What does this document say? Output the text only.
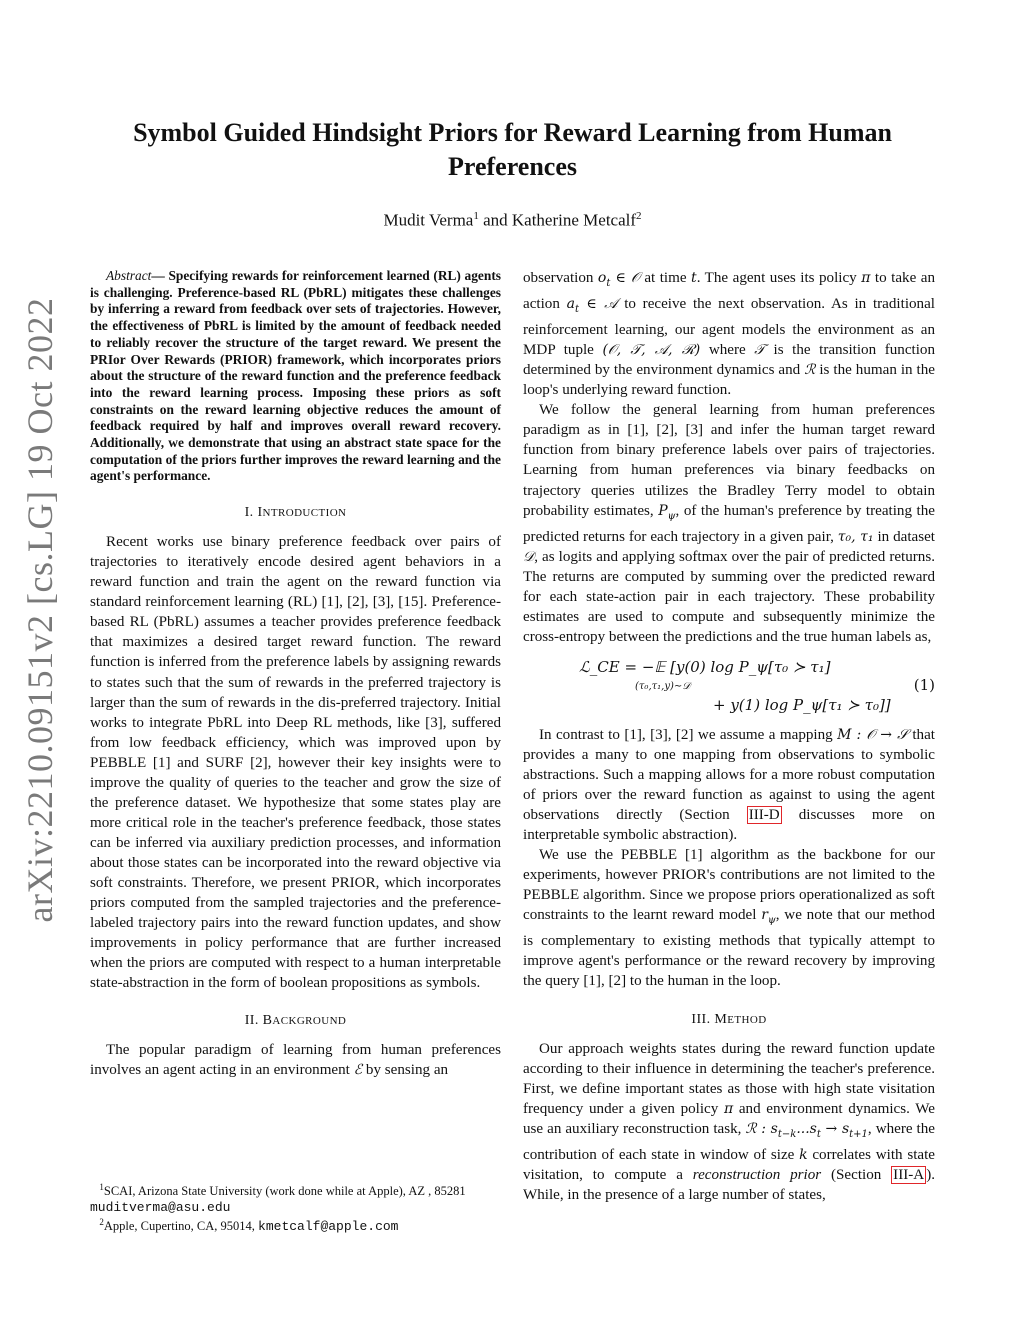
arXiv:2210.09151v2 [cs.LG] 19 Oct 2022
Symbol Guided Hindsight Priors for Reward Learning from Human Preferences
Mudit Verma$^1$ and Katherine Metcalf$^2$

Abstract— Specifying rewards for reinforcement learned (RL) agents is challenging. Preference-based RL (PbRL) mitigates these challenges by inferring a reward from feedback over sets of trajectories. However, the effectiveness of PbRL is limited by the amount of feedback needed to reliably recover the structure of the target reward. We present the PRIor Over Rewards (PRIOR) framework, which incorporates priors about the structure of the reward function and the preference feedback into the reward learning process. Imposing these priors as soft constraints on the reward learning objective reduces the amount of feedback required by half and improves overall reward recovery. Additionally, we demonstrate that using an abstract state space for the computation of the priors further improves the reward learning and the agent's performance.

I. INTRODUCTION

Recent works use binary preference feedback over pairs of trajectories to iteratively encode desired agent behaviors in a reward function and train the agent on the reward function via standard reinforcement learning (RL) [1], [2], [3], [15]. Preference-based RL (PbRL) assumes a teacher provides preference feedback that maximizes a desired target reward function. The reward function is inferred from the preference labels by assigning rewards to states such that the sum of rewards in the preferred trajectory is larger than the sum of rewards in the dis-preferred trajectory. Initial works to integrate PbRL into Deep RL methods, like [3], suffered from low feedback efficiency, which was improved upon by PEBBLE [1] and SURF [2], however their key insights were to improve the quality of queries to the teacher and grow the size of the preference dataset. We hypothesize that some states play are more critical role in the teacher's preference feedback, those states can be inferred via auxiliary prediction processes, and information about those states can be incorporated into the reward objective via soft constraints. Therefore, we present PRIOR, which incorporates priors computed from the sampled trajectories and the preference-labeled trajectory pairs into the reward function updates, and show improvements in policy performance that are further increased when the priors are computed with respect to a human interpretable state-abstraction in the form of boolean propositions as symbols.

II. BACKGROUND

The popular paradigm of learning from human preferences involves an agent acting in an environment ℰ by sensing an

$^1$SCAI, Arizona State University (work done while at Apple), AZ , 85281
muditverma@asu.edu
$^2$Apple, Cupertino, CA, 95014, kmetcalf@apple.com

observation $o_t$ ∈ 𝒪 at time t. The agent uses its policy π to take an action $a_t$ ∈ 𝒜 to receive the next observation. As in traditional reinforcement learning, our agent models the environment as an MDP tuple (𝒪, 𝒯, 𝒜, ℛ) where 𝒯 is the transition function determined by the environment dynamics and ℛ is the human in the loop's underlying reward function.

We follow the general learning from human preferences paradigm as in [1], [2], [3] and infer the human target reward function from binary preference labels over pairs of trajectories. Learning from human preferences via binary feedbacks on trajectory queries utilizes the Bradley Terry model to obtain probability estimates, $P_\psi$, of the human's preference by treating the predicted returns for each trajectory in a given pair, τ₀, τ₁ in dataset 𝒟, as logits and applying softmax over the pair of predicted returns. The returns are computed by summing over the predicted reward for each state-action pair in each trajectory. These probability estimates are used to compute and subsequently minimize the cross-entropy between the predictions and the true human labels as,

ℒ_CE = −𝔼 [y(0) log P_ψ[τ₀ ≻ τ₁]
(τ₀,τ₁,y)∼𝒟
+ y(1) log P_ψ[τ₁ ≻ τ₀]]
(1)

In contrast to [1], [3], [2] we assume a mapping M : 𝒪 → 𝒮 that provides a many to one mapping from observations to symbolic abstractions. Such a mapping allows for a more robust computation of priors over the reward function as against to using the agent observations directly (Section III-D discusses more on interpretable symbolic abstraction).

We use the PEBBLE [1] algorithm as the backbone for our experiments, however PRIOR's contributions are not limited to the PEBBLE algorithm. Since we propose priors operationalized as soft constraints to the learnt reward model $r_\psi$, we note that our method is complementary to existing methods that typically attempt to improve agent's performance or the reward recovery by improving the query [1], [2] to the human in the loop.

III. METHOD

Our approach weights states during the reward function update according to their influence in determining the teacher's preference. First, we define important states as those with high state visitation frequency under a given policy π and environment dynamics. We use an auxiliary reconstruction task, ℛ : $s_{t-k}...s_t \to s_{t+1}$, where the contribution of each state in window of size k correlates with state visitation, to compute a reconstruction prior (Section III-A ). While, in the presence of a large number of states,
